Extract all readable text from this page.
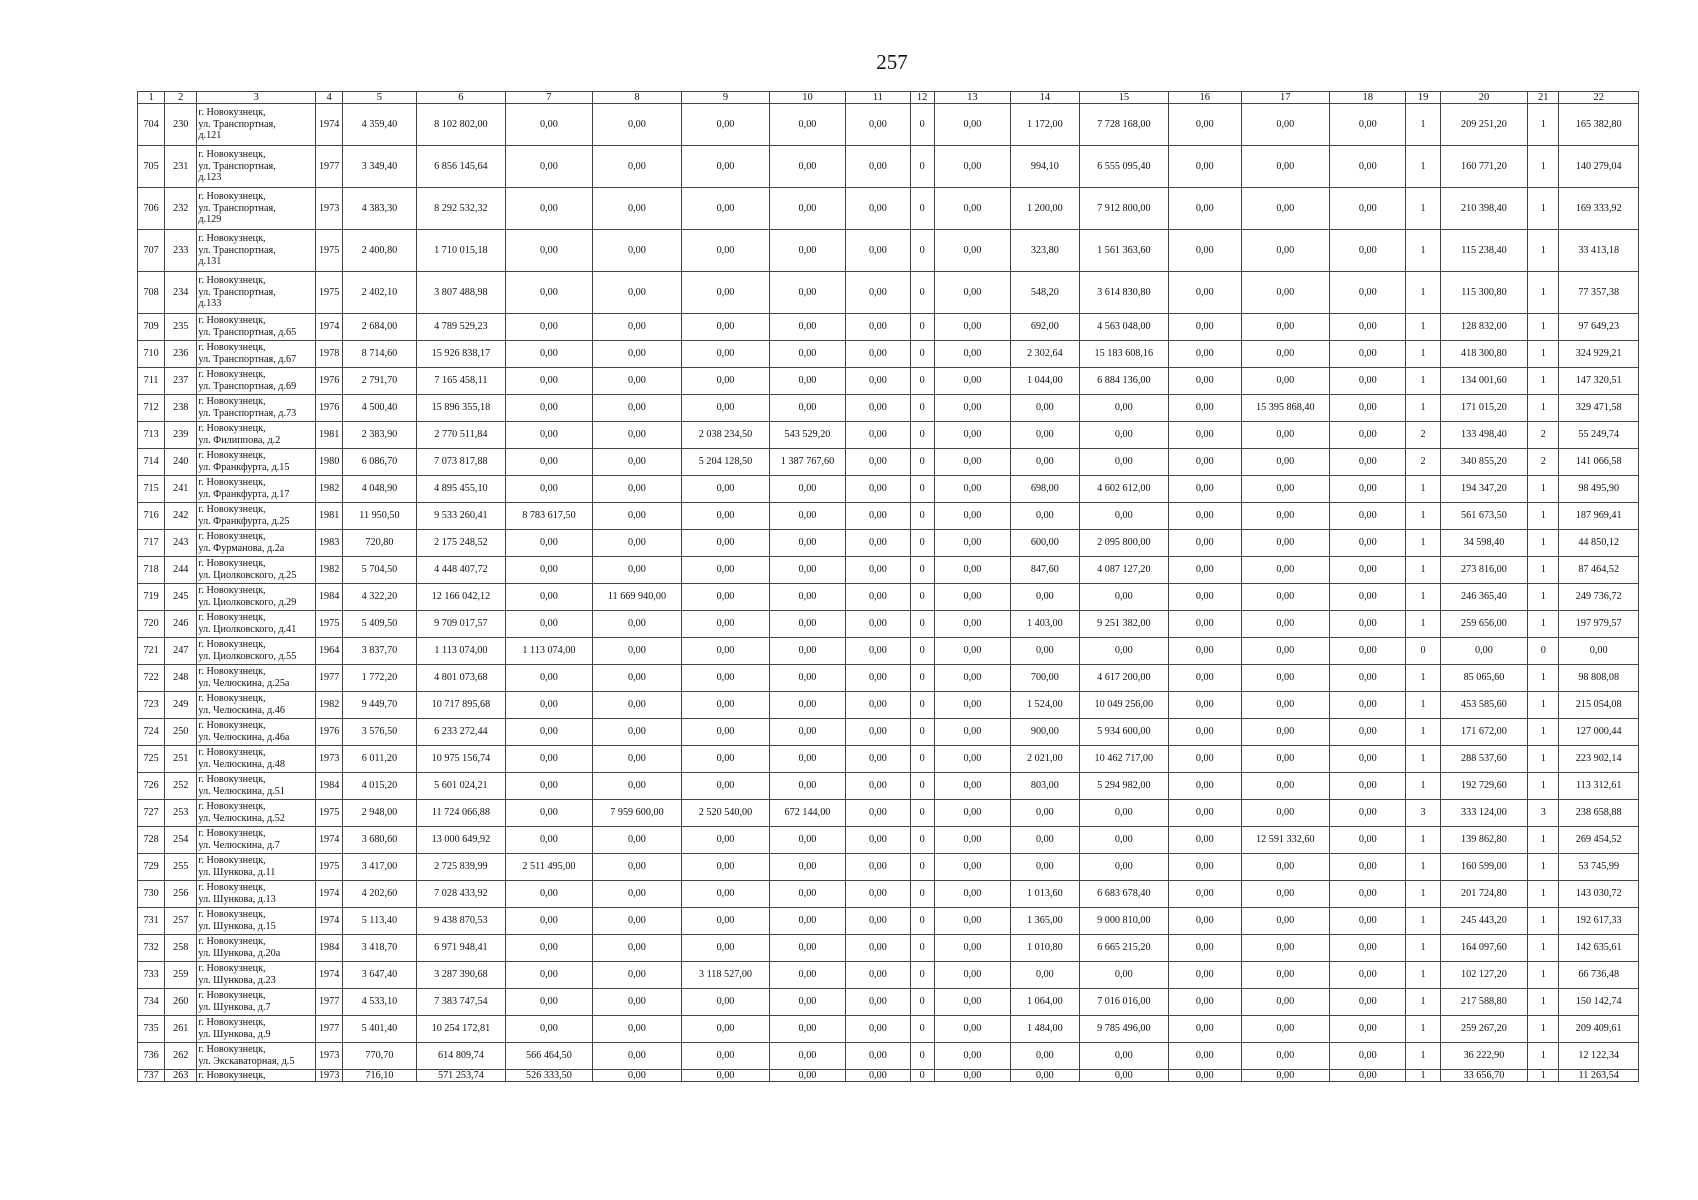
257
1	2	3	4	5	6	7	8	9	10	11	12	13	14	15	16	17	18	19	20	21	22
704	230	г. Новокузнецк,
ул. Транспортная,
д.121	1974	4 359,40	8 102 802,00	0,00	0,00	0,00	0,00	0,00	0	0,00	1 172,00	7 728 168,00	0,00	0,00	0,00	1	209 251,20	1	165 382,80
705	231	г. Новокузнецк,
ул. Транспортная,
д.123	1977	3 349,40	6 856 145,64	0,00	0,00	0,00	0,00	0,00	0	0,00	994,10	6 555 095,40	0,00	0,00	0,00	1	160 771,20	1	140 279,04
706	232	г. Новокузнецк,
ул. Транспортная,
д.129	1973	4 383,30	8 292 532,32	0,00	0,00	0,00	0,00	0,00	0	0,00	1 200,00	7 912 800,00	0,00	0,00	0,00	1	210 398,40	1	169 333,92
707	233	г. Новокузнецк,
ул. Транспортная,
д.131	1975	2 400,80	1 710 015,18	0,00	0,00	0,00	0,00	0,00	0	0,00	323,80	1 561 363,60	0,00	0,00	0,00	1	115 238,40	1	33 413,18
708	234	г. Новокузнецк,
ул. Транспортная,
д.133	1975	2 402,10	3 807 488,98	0,00	0,00	0,00	0,00	0,00	0	0,00	548,20	3 614 830,80	0,00	0,00	0,00	1	115 300,80	1	77 357,38
709	235	г. Новокузнецк,
ул. Транспортная, д.65	1974	2 684,00	4 789 529,23	0,00	0,00	0,00	0,00	0,00	0	0,00	692,00	4 563 048,00	0,00	0,00	0,00	1	128 832,00	1	97 649,23
710	236	г. Новокузнецк,
ул. Транспортная, д.67	1978	8 714,60	15 926 838,17	0,00	0,00	0,00	0,00	0,00	0	0,00	2 302,64	15 183 608,16	0,00	0,00	0,00	1	418 300,80	1	324 929,21
711	237	г. Новокузнецк,
ул. Транспортная, д.69	1976	2 791,70	7 165 458,11	0,00	0,00	0,00	0,00	0,00	0	0,00	1 044,00	6 884 136,00	0,00	0,00	0,00	1	134 001,60	1	147 320,51
712	238	г. Новокузнецк,
ул. Транспортная, д.73	1976	4 500,40	15 896 355,18	0,00	0,00	0,00	0,00	0,00	0	0,00	0,00	0,00	0,00	15 395 868,40	0,00	1	171 015,20	1	329 471,58
713	239	г. Новокузнецк,
ул. Филиппова, д.2	1981	2 383,90	2 770 511,84	0,00	0,00	2 038 234,50	543 529,20	0,00	0	0,00	0,00	0,00	0,00	0,00	0,00	2	133 498,40	2	55 249,74
714	240	г. Новокузнецк,
ул. Франкфурта, д.15	1980	6 086,70	7 073 817,88	0,00	0,00	5 204 128,50	1 387 767,60	0,00	0	0,00	0,00	0,00	0,00	0,00	0,00	2	340 855,20	2	141 066,58
715	241	г. Новокузнецк,
ул. Франкфурта, д.17	1982	4 048,90	4 895 455,10	0,00	0,00	0,00	0,00	0,00	0	0,00	698,00	4 602 612,00	0,00	0,00	0,00	1	194 347,20	1	98 495,90
716	242	г. Новокузнецк,
ул. Франкфурта, д.25	1981	11 950,50	9 533 260,41	8 783 617,50	0,00	0,00	0,00	0,00	0	0,00	0,00	0,00	0,00	0,00	0,00	1	561 673,50	1	187 969,41
717	243	г. Новокузнецк,
ул. Фурманова, д.2а	1983	720,80	2 175 248,52	0,00	0,00	0,00	0,00	0,00	0	0,00	600,00	2 095 800,00	0,00	0,00	0,00	1	34 598,40	1	44 850,12
718	244	г. Новокузнецк,
ул. Циолковского, д.25	1982	5 704,50	4 448 407,72	0,00	0,00	0,00	0,00	0,00	0	0,00	847,60	4 087 127,20	0,00	0,00	0,00	1	273 816,00	1	87 464,52
719	245	г. Новокузнецк,
ул. Циолковского, д.29	1984	4 322,20	12 166 042,12	0,00	11 669 940,00	0,00	0,00	0,00	0	0,00	0,00	0,00	0,00	0,00	0,00	1	246 365,40	1	249 736,72
720	246	г. Новокузнецк,
ул. Циолковского, д.41	1975	5 409,50	9 709 017,57	0,00	0,00	0,00	0,00	0,00	0	0,00	1 403,00	9 251 382,00	0,00	0,00	0,00	1	259 656,00	1	197 979,57
721	247	г. Новокузнецк,
ул. Циолковского, д.55	1964	3 837,70	1 113 074,00	1 113 074,00	0,00	0,00	0,00	0,00	0	0,00	0,00	0,00	0,00	0,00	0,00	0	0,00	0	0,00
722	248	г. Новокузнецк,
ул. Челюскина, д.25а	1977	1 772,20	4 801 073,68	0,00	0,00	0,00	0,00	0,00	0	0,00	700,00	4 617 200,00	0,00	0,00	0,00	1	85 065,60	1	98 808,08
723	249	г. Новокузнецк,
ул. Челюскина, д.46	1982	9 449,70	10 717 895,68	0,00	0,00	0,00	0,00	0,00	0	0,00	1 524,00	10 049 256,00	0,00	0,00	0,00	1	453 585,60	1	215 054,08
724	250	г. Новокузнецк,
ул. Челюскина, д.46а	1976	3 576,50	6 233 272,44	0,00	0,00	0,00	0,00	0,00	0	0,00	900,00	5 934 600,00	0,00	0,00	0,00	1	171 672,00	1	127 000,44
725	251	г. Новокузнецк,
ул. Челюскина, д.48	1973	6 011,20	10 975 156,74	0,00	0,00	0,00	0,00	0,00	0	0,00	2 021,00	10 462 717,00	0,00	0,00	0,00	1	288 537,60	1	223 902,14
726	252	г. Новокузнецк,
ул. Челюскина, д.51	1984	4 015,20	5 601 024,21	0,00	0,00	0,00	0,00	0,00	0	0,00	803,00	5 294 982,00	0,00	0,00	0,00	1	192 729,60	1	113 312,61
727	253	г. Новокузнецк,
ул. Челюскина, д.52	1975	2 948,00	11 724 066,88	0,00	7 959 600,00	2 520 540,00	672 144,00	0,00	0	0,00	0,00	0,00	0,00	0,00	0,00	3	333 124,00	3	238 658,88
728	254	г. Новокузнецк,
ул. Челюскина, д.7	1974	3 680,60	13 000 649,92	0,00	0,00	0,00	0,00	0,00	0	0,00	0,00	0,00	0,00	12 591 332,60	0,00	1	139 862,80	1	269 454,52
729	255	г. Новокузнецк,
ул. Шункова, д.11	1975	3 417,00	2 725 839,99	2 511 495,00	0,00	0,00	0,00	0,00	0	0,00	0,00	0,00	0,00	0,00	0,00	1	160 599,00	1	53 745,99
730	256	г. Новокузнецк,
ул. Шункова, д.13	1974	4 202,60	7 028 433,92	0,00	0,00	0,00	0,00	0,00	0	0,00	1 013,60	6 683 678,40	0,00	0,00	0,00	1	201 724,80	1	143 030,72
731	257	г. Новокузнецк,
ул. Шункова, д.15	1974	5 113,40	9 438 870,53	0,00	0,00	0,00	0,00	0,00	0	0,00	1 365,00	9 000 810,00	0,00	0,00	0,00	1	245 443,20	1	192 617,33
732	258	г. Новокузнецк,
ул. Шункова, д.20а	1984	3 418,70	6 971 948,41	0,00	0,00	0,00	0,00	0,00	0	0,00	1 010,80	6 665 215,20	0,00	0,00	0,00	1	164 097,60	1	142 635,61
733	259	г. Новокузнецк,
ул. Шункова, д.23	1974	3 647,40	3 287 390,68	0,00	0,00	3 118 527,00	0,00	0,00	0	0,00	0,00	0,00	0,00	0,00	0,00	1	102 127,20	1	66 736,48
734	260	г. Новокузнецк,
ул. Шункова, д.7	1977	4 533,10	7 383 747,54	0,00	0,00	0,00	0,00	0,00	0	0,00	1 064,00	7 016 016,00	0,00	0,00	0,00	1	217 588,80	1	150 142,74
735	261	г. Новокузнецк,
ул. Шункова, д.9	1977	5 401,40	10 254 172,81	0,00	0,00	0,00	0,00	0,00	0	0,00	1 484,00	9 785 496,00	0,00	0,00	0,00	1	259 267,20	1	209 409,61
736	262	г. Новокузнецк,
ул. Экскаваторная, д.5	1973	770,70	614 809,74	566 464,50	0,00	0,00	0,00	0,00	0	0,00	0,00	0,00	0,00	0,00	0,00	1	36 222,90	1	12 122,34
737	263	г. Новокузнецк,	1973	716,10	571 253,74	526 333,50	0,00	0,00	0,00	0,00	0	0,00	0,00	0,00	0,00	0,00	0,00	1	33 656,70	1	11 263,54
